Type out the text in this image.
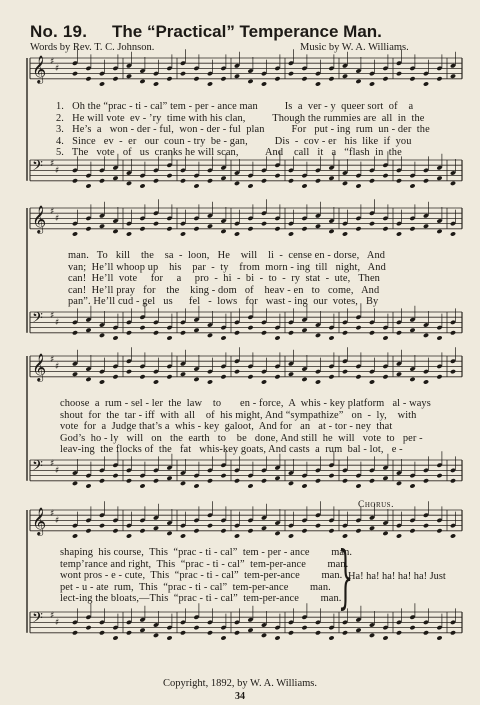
No. 19. The “Practical” Temperance Man.
Words by Rev. T. C. Johnson.	Music by W. A. Williams.
𝄞 ♯
♯
𝄢 ♯
♯
𝄞 ♯
♯
𝄢 ♯
♯
𝄞 ♯
♯
𝄢 ♯
♯
𝄞 ♯
♯
𝄢 ♯
♯
1.   Oh the “prac - ti - cal” tem - per - ance man          Is  a  ver - y  queer sort  of    a
2.   He will vote  ev - ’ry  time with his clan,          Though the rummies are  all  in  the
3.   He’s  a   won - der - ful,  won - der - ful  plan          For   put - ing  rum  un - der  the
4.   Since   ev  -  er   our  coun - try  be - gan,          Dis  -  cov - er   his  like  if  you
5.   The   vote   of   us  cranks he will scan,          And    call   it   a   “flash  in  the
man.   To   kill    the    sa  -  loon,   He    will    li  -  cense en - dorse,   And
van;  He’ll whoop up    his    par  -  ty    from  morn - ing  till   night,   And
can!  He’ll  vote     for     a     pro  -  hi  -  bi  -  to  -  ry  stat  -  ute,   Then
can!  He’ll pray   for    the    king - dom   of    heav - en   to   come,   And
pan”. He’ll cud - gel   us      fel   -  lows   for   wast - ing  our  votes,   By
choose  a  rum - sel - ler  the  law    to       en - force,  A  whis - key platform   al - ways
shout  for  the  tar - iff  with  all    of  his might, And “sympathize”   on  -  ly,    with
vote  for  a  Judge that’s a  whis - key  galoot,  And for   an   at - tor - ney  that
God’s  ho - ly   will   on   the  earth   to    be   done, And still  he  will   vote  to   per -
leav-ing  the flocks of  the   fat   whis-key goats, And casts  a  rum  bal - lot,   e -
Chorus.
shaping  his course,  This  “prac - ti - cal”  tem - per - ance        man.
temp’rance and right,  This  “prac - ti - cal”  tem-per-ance        man.
wont pros - e - cute,  This  “prac - ti - cal”  tem-per-ance        man.
pet - u - ate  rum,  This  “prac - ti - cal”  tem-per-ance        man.
lect-ing the bloats,—This  “prac - ti - cal”  tem-per-ance        man.
}
Ha! ha! ha! ha! ha! Just
Copyright, 1892, by W. A. Williams.
34
